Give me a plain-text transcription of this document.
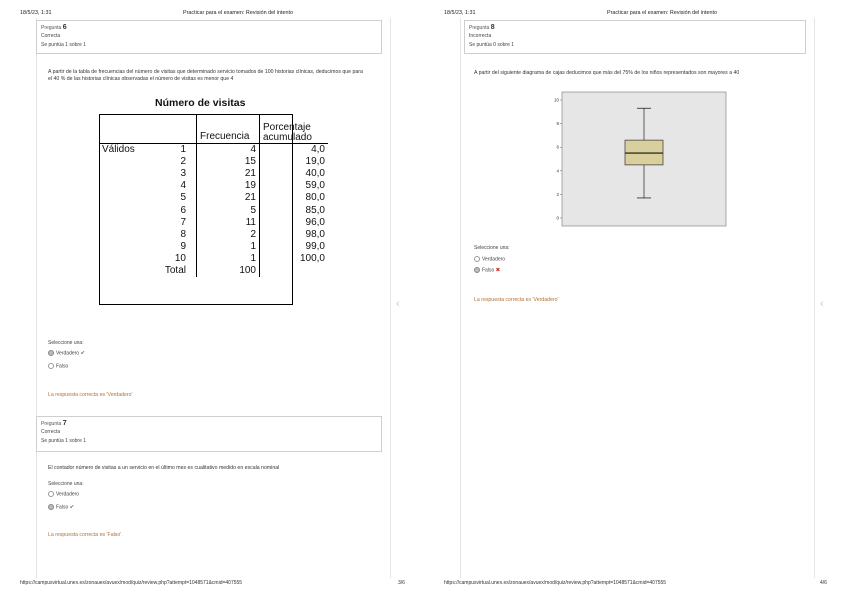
18/5/23, 1:31	Practicar para el examen: Revisión del intento
Pregunta 6
Correcta
Se puntúa 1 sobre 1
A partir de la tabla de frecuencias del número de visitas que determinado servicio tomados de 100 historias clínicas, deducimos que para el 40 % de las historias clínicas observadas el número de visitas es menor que 4
Número de visitas
		Frecuencia	Porcentaje acumulado
Válidos	1	4	4,0
	2	15	19,0
	3	21	40,0
	4	19	59,0
	5	21	80,0
	6	5	85,0
	7	11	96,0
	8	2	98,0
	9	1	99,0
	10	1	100,0
	Total	100	
Seleccione una:
Verdadero ✔
Falso
La respuesta correcta es 'Verdadero'
Pregunta 7
Correcta
Se puntúa 1 sobre 1
El contador número de visitas a un servicio en el último mes es cualitativo medido en escala nominal
Seleccione una:
Verdadero
Falso ✔
La respuesta correcta es 'Falso'
‹
https://campusvirtual.unex.es/zonauex/avuex/mod/quiz/review.php?attempt=1048571&cmid=407555	3/6
18/5/23, 1:31	Practicar para el examen: Revisión del intento
Pregunta 8
Incorrecta
Se puntúa 0 sobre 1
A partir del siguiente diagrama de cajas deducimos que más del 75% de los niños representados son mayores a 40
10
8
6
4
2
0
Seleccione una:
Verdadero
Falso ✖
La respuesta correcta es 'Verdadero'	‹
https://campusvirtual.unex.es/zonauex/avuex/mod/quiz/review.php?attempt=1048571&cmid=407555	4/6
